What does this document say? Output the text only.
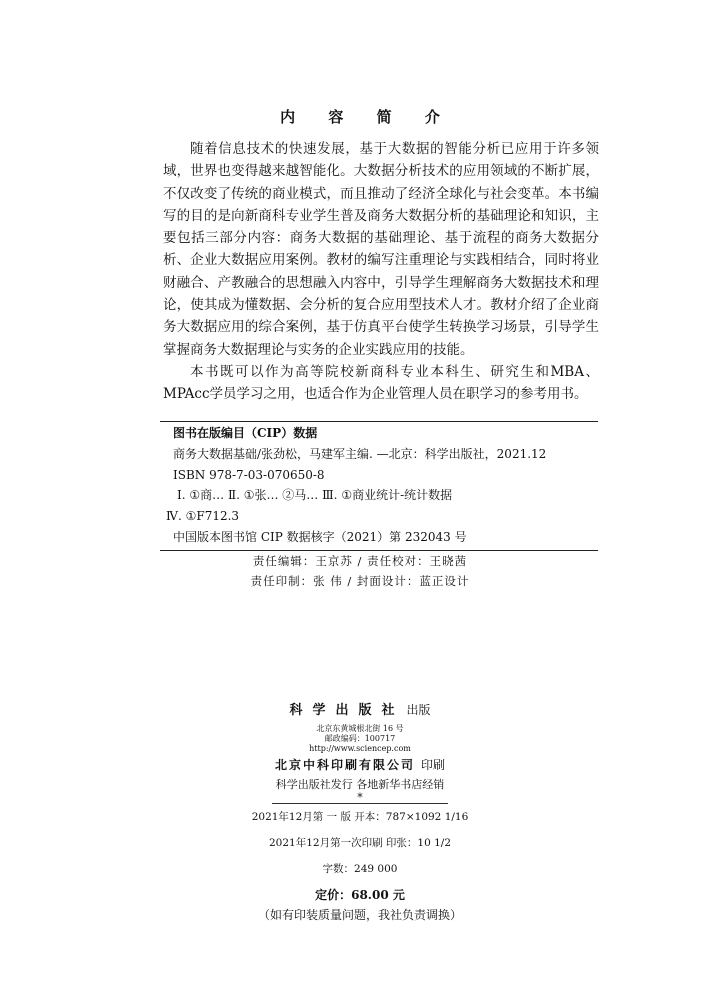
内 容 简 介

随着信息技术的快速发展，基于大数据的智能分析已应用于许多领域，世界也变得越来越智能化。大数据分析技术的应用领域的不断扩展，不仅改变了传统的商业模式，而且推动了经济全球化与社会变革。本书编写的目的是向新商科专业学生普及商务大数据分析的基础理论和知识，主要包括三部分内容：商务大数据的基础理论、基于流程的商务大数据分析、企业大数据应用案例。教材的编写注重理论与实践相结合，同时将业财融合、产教融合的思想融入内容中，引导学生理解商务大数据技术和理论，使其成为懂数据、会分析的复合应用型技术人才。教材介绍了企业商务大数据应用的综合案例，基于仿真平台使学生转换学习场景，引导学生掌握商务大数据理论与实务的企业实践应用的技能。

本书既可以作为高等院校新商科专业本科生、研究生和MBA、MPAcc学员学习之用，也适合作为企业管理人员在职学习的参考用书。

图书在版编目（CIP）数据
商务大数据基础/张劲松，马建军主编. —北京：科学出版社，2021.12
ISBN 978-7-03-070650-8
Ⅰ. ①商… Ⅱ. ①张… ②马… Ⅲ. ①商业统计-统计数据
Ⅳ. ①F712.3
中国版本图书馆 CIP 数据核字（2021）第 232043 号
责任编辑：王京苏 / 责任校对：王晓茜
责任印制：张 伟 / 封面设计：蓝正设计
科学出版社 出版
北京东黄城根北街 16 号
邮政编码：100717
http://www.sciencep.com
北京中科印刷有限公司 印刷
科学出版社发行 各地新华书店经销
*
2021年12月第 一 版 开本：787×1092 1/16
2021年12月第一次印刷 印张：10 1/2
字数：249 000
定价：68.00 元
（如有印装质量问题，我社负责调换）
